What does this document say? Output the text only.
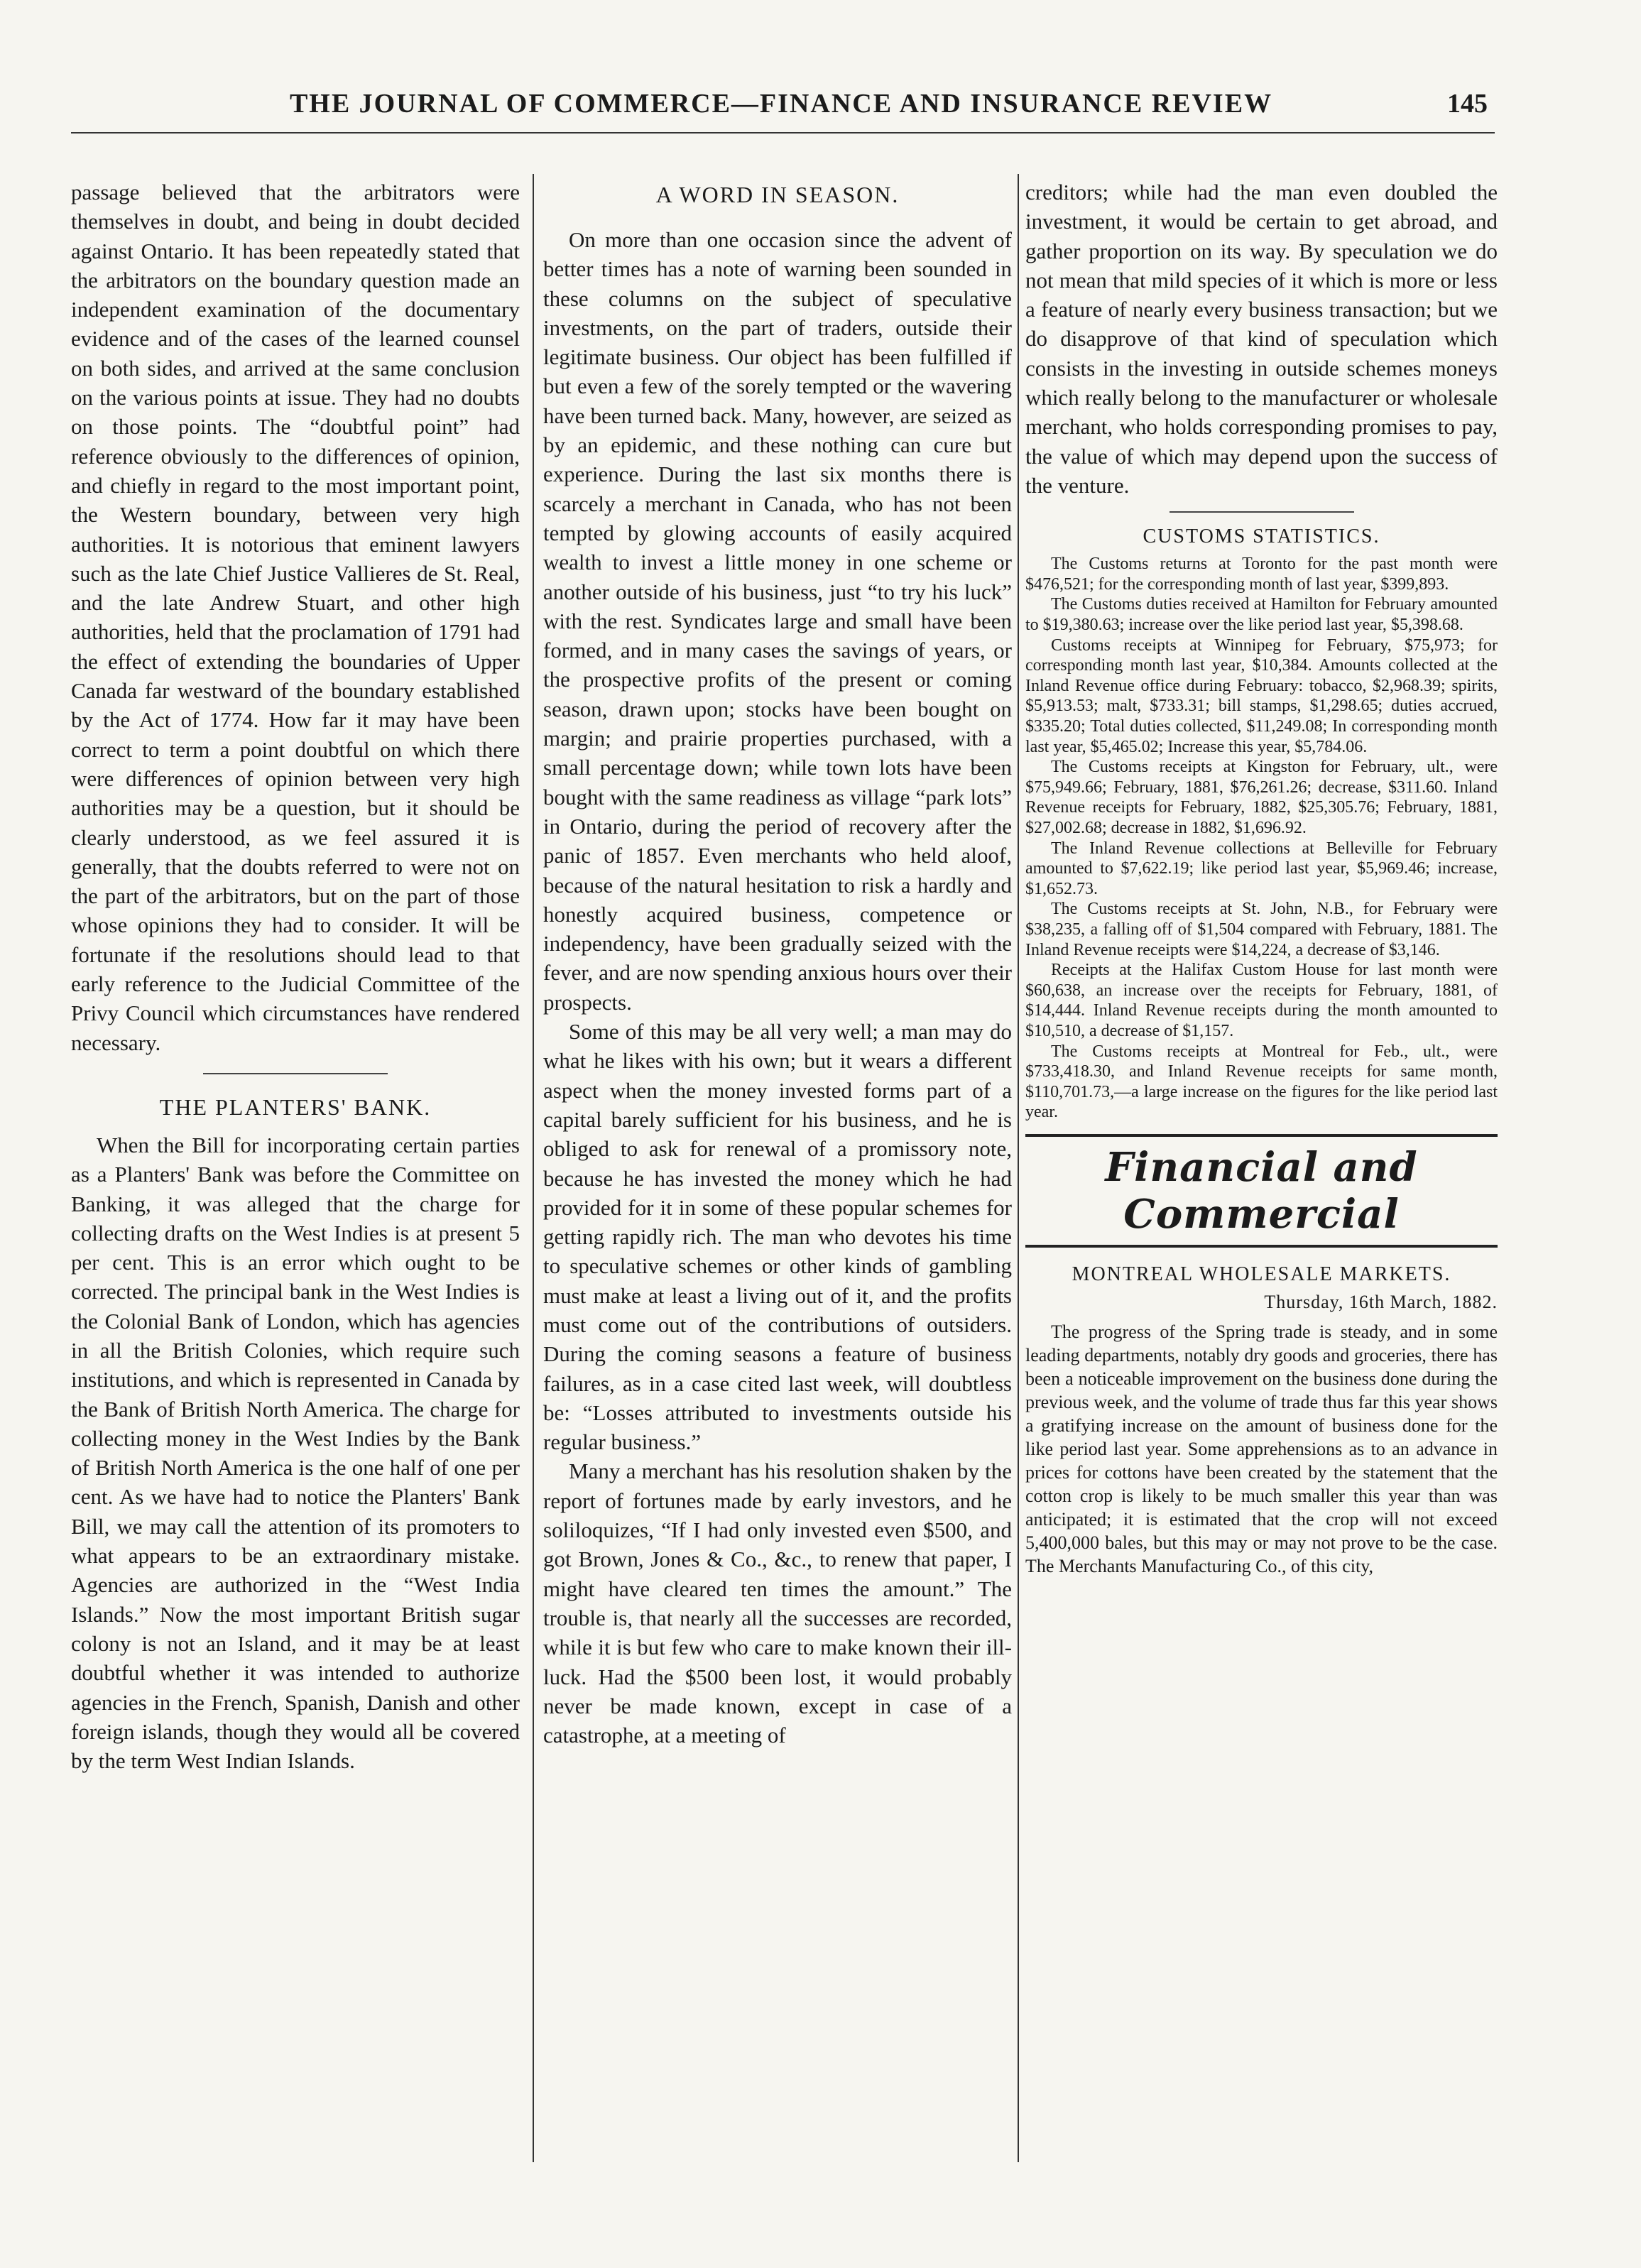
THE JOURNAL OF COMMERCE—FINANCE AND INSURANCE REVIEW	145

passage believed that the arbitrators were themselves in doubt, and being in doubt decided against Ontario. It has been repeatedly stated that the arbitrators on the boundary question made an independent examination of the documentary evidence and of the cases of the learned counsel on both sides, and arrived at the same conclusion on the various points at issue. They had no doubts on those points. The “doubtful point” had reference obviously to the differences of opinion, and chiefly in regard to the most important point, the Western boundary, between very high authorities. It is notorious that eminent lawyers such as the late Chief Justice Vallieres de St. Real, and the late Andrew Stuart, and other high authorities, held that the proclamation of 1791 had the effect of extending the boundaries of Upper Canada far westward of the boundary established by the Act of 1774. How far it may have been correct to term a point doubtful on which there were differences of opinion between very high authorities may be a question, but it should be clearly understood, as we feel assured it is generally, that the doubts referred to were not on the part of the arbitrators, but on the part of those whose opinions they had to consider. It will be fortunate if the resolutions should lead to that early reference to the Judicial Committee of the Privy Council which circumstances have rendered necessary.

THE PLANTERS' BANK.

When the Bill for incorporating certain parties as a Planters' Bank was before the Committee on Banking, it was alleged that the charge for collecting drafts on the West Indies is at present 5 per cent. This is an error which ought to be corrected. The principal bank in the West Indies is the Colonial Bank of London, which has agencies in all the British Colonies, which require such institutions, and which is represented in Canada by the Bank of British North America. The charge for collecting money in the West Indies by the Bank of British North America is the one half of one per cent. As we have had to notice the Planters' Bank Bill, we may call the attention of its promoters to what appears to be an extraordinary mistake. Agencies are authorized in the “West India Islands.” Now the most important British sugar colony is not an Island, and it may be at least doubtful whether it was intended to authorize agencies in the French, Spanish, Danish and other foreign islands, though they would all be covered by the term West Indian Islands.

A WORD IN SEASON.

On more than one occasion since the advent of better times has a note of warning been sounded in these columns on the subject of speculative investments, on the part of traders, outside their legitimate business. Our object has been fulfilled if but even a few of the sorely tempted or the wavering have been turned back. Many, however, are seized as by an epidemic, and these nothing can cure but experience. During the last six months there is scarcely a merchant in Canada, who has not been tempted by glowing accounts of easily acquired wealth to invest a little money in one scheme or another outside of his business, just “to try his luck” with the rest. Syndicates large and small have been formed, and in many cases the savings of years, or the prospective profits of the present or coming season, drawn upon; stocks have been bought on margin; and prairie properties purchased, with a small percentage down; while town lots have been bought with the same readiness as village “park lots” in Ontario, during the period of recovery after the panic of 1857. Even merchants who held aloof, because of the natural hesitation to risk a hardly and honestly acquired business, competence or independency, have been gradually seized with the fever, and are now spending anxious hours over their prospects.

Some of this may be all very well; a man may do what he likes with his own; but it wears a different aspect when the money invested forms part of a capital barely sufficient for his business, and he is obliged to ask for renewal of a promissory note, because he has invested the money which he had provided for it in some of these popular schemes for getting rapidly rich. The man who devotes his time to speculative schemes or other kinds of gambling must make at least a living out of it, and the profits must come out of the contributions of outsiders. During the coming seasons a feature of business failures, as in a case cited last week, will doubtless be: “Losses attributed to investments outside his regular business.”

Many a merchant has his resolution shaken by the report of fortunes made by early investors, and he soliloquizes, “If I had only invested even $500, and got Brown, Jones & Co., &c., to renew that paper, I might have cleared ten times the amount.” The trouble is, that nearly all the successes are recorded, while it is but few who care to make known their ill-luck. Had the $500 been lost, it would probably never be made known, except in case of a catastrophe, at a meeting of

creditors; while had the man even doubled the investment, it would be certain to get abroad, and gather proportion on its way. By speculation we do not mean that mild species of it which is more or less a feature of nearly every business transaction; but we do disapprove of that kind of speculation which consists in the investing in outside schemes moneys which really belong to the manufacturer or wholesale merchant, who holds corresponding promises to pay, the value of which may depend upon the success of the venture.

CUSTOMS STATISTICS.

The Customs returns at Toronto for the past month were $476,521; for the corresponding month of last year, $399,893.

The Customs duties received at Hamilton for February amounted to $19,380.63; increase over the like period last year, $5,398.68.

Customs receipts at Winnipeg for February, $75,973; for corresponding month last year, $10,384. Amounts collected at the Inland Revenue office during February: tobacco, $2,968.39; spirits, $5,913.53; malt, $733.31; bill stamps, $1,298.65; duties accrued, $335.20; Total duties collected, $11,249.08; In corresponding month last year, $5,465.02; Increase this year, $5,784.06.

The Customs receipts at Kingston for February, ult., were $75,949.66; February, 1881, $76,261.26; decrease, $311.60. Inland Revenue receipts for February, 1882, $25,305.76; February, 1881, $27,002.68; decrease in 1882, $1,696.92.

The Inland Revenue collections at Belleville for February amounted to $7,622.19; like period last year, $5,969.46; increase, $1,652.73.

The Customs receipts at St. John, N.B., for February were $38,235, a falling off of $1,504 compared with February, 1881. The Inland Revenue receipts were $14,224, a decrease of $3,146.

Receipts at the Halifax Custom House for last month were $60,638, an increase over the receipts for February, 1881, of $14,444. Inland Revenue receipts during the month amounted to $10,510, a decrease of $1,157.

The Customs receipts at Montreal for Feb., ult., were $733,418.30, and Inland Revenue receipts for same month, $110,701.73,—a large increase on the figures for the like period last year.

Financial and Commercial
MONTREAL WHOLESALE MARKETS.
Thursday, 16th March, 1882.

The progress of the Spring trade is steady, and in some leading departments, notably dry goods and groceries, there has been a noticeable improvement on the business done during the previous week, and the volume of trade thus far this year shows a gratifying increase on the amount of business done for the like period last year. Some apprehensions as to an advance in prices for cottons have been created by the statement that the cotton crop is likely to be much smaller this year than was anticipated; it is estimated that the crop will not exceed 5,400,000 bales, but this may or may not prove to be the case. The Merchants Manufacturing Co., of this city,
